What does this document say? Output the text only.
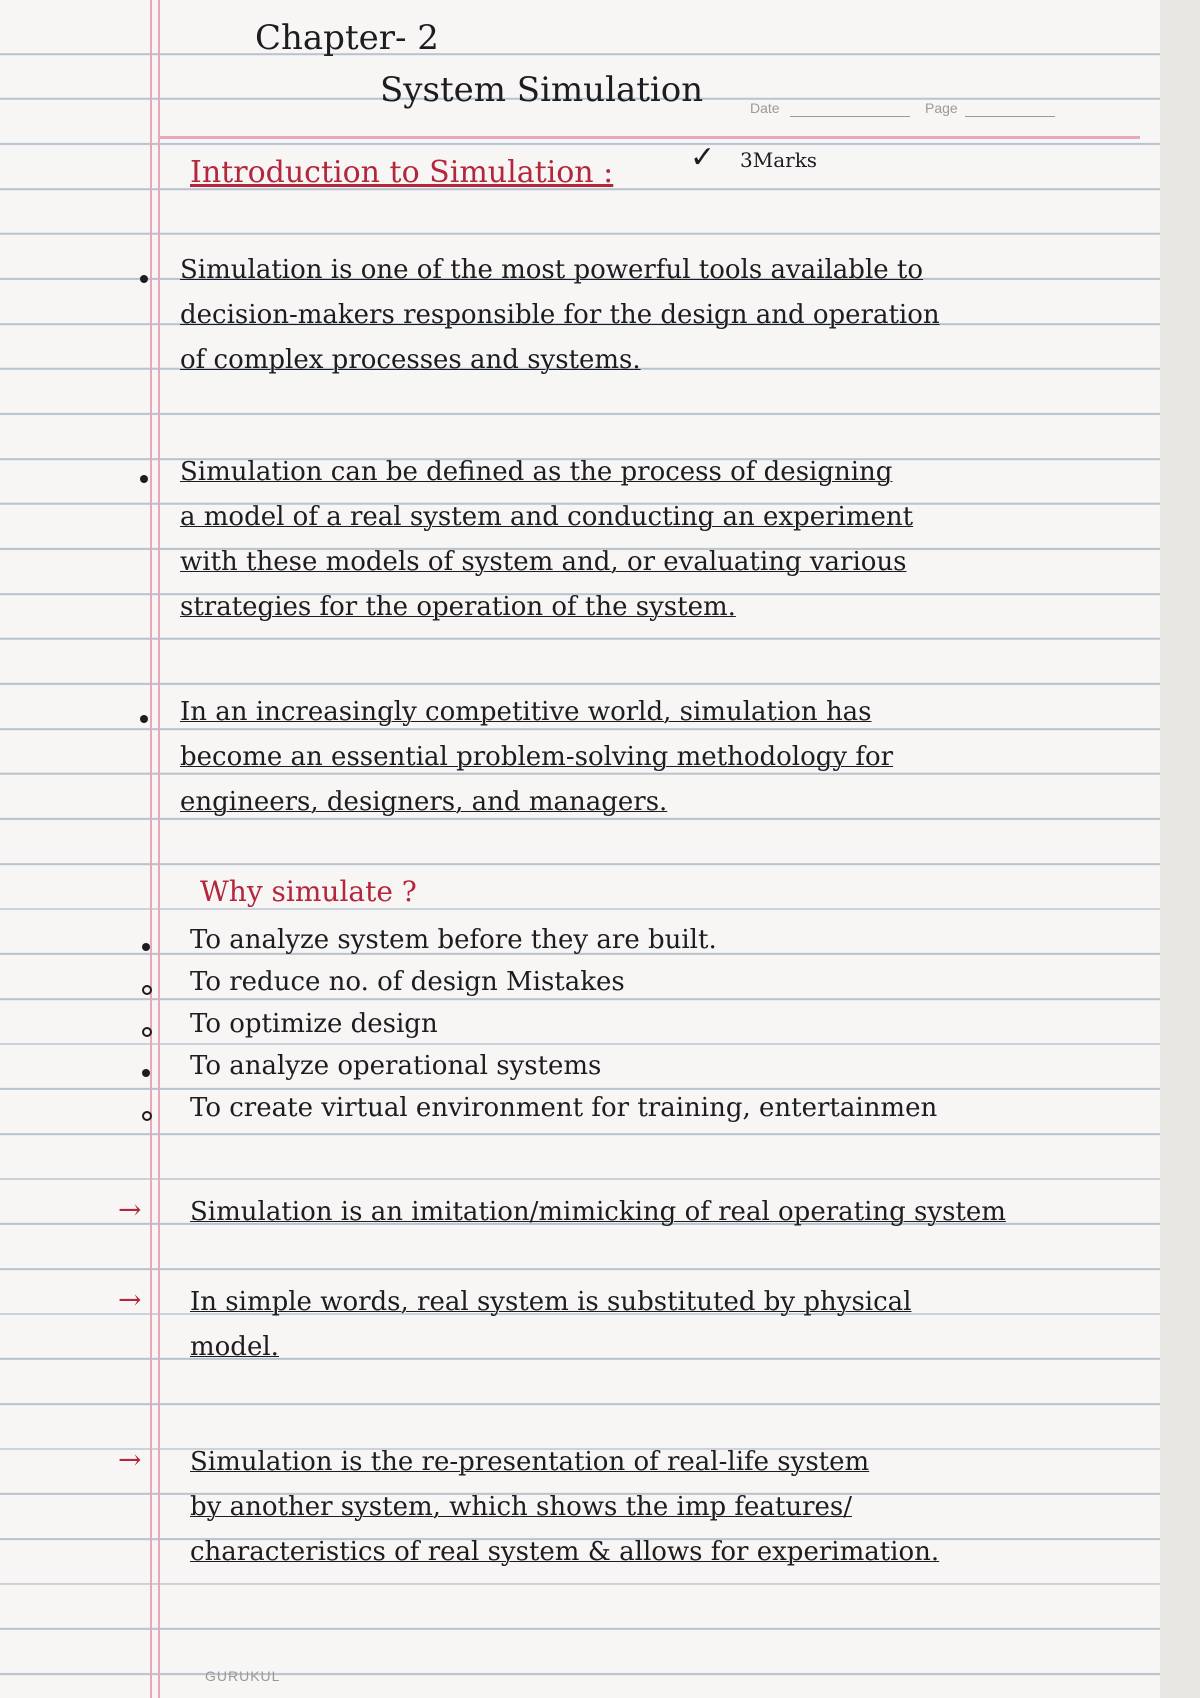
Chapter- 2
System Simulation	Date	Page
Introduction to Simulation :	✓ 3Marks
Simulation is one of the most powerful tools available to
decision-makers responsible for the design and operation
of complex processes and systems.
Simulation can be defined as the process of designing
a model of a real system and conducting an experiment
with these models of system and, or evaluating various
strategies for the operation of the system.
In an increasingly competitive world, simulation has
become an essential problem-solving methodology for
engineers, designers, and managers.
Why simulate ?
To analyze system before they are built.
To reduce no. of design Mistakes
To optimize design
To analyze operational systems
To create virtual environment for training, entertainmen
→ Simulation is an imitation/mimicking of real operating system
→ In simple words, real system is substituted by physical
model.
→ Simulation is the re-presentation of real-life system
by another system, which shows the imp features/
characteristics of real system & allows for experimation.
GURUKUL
